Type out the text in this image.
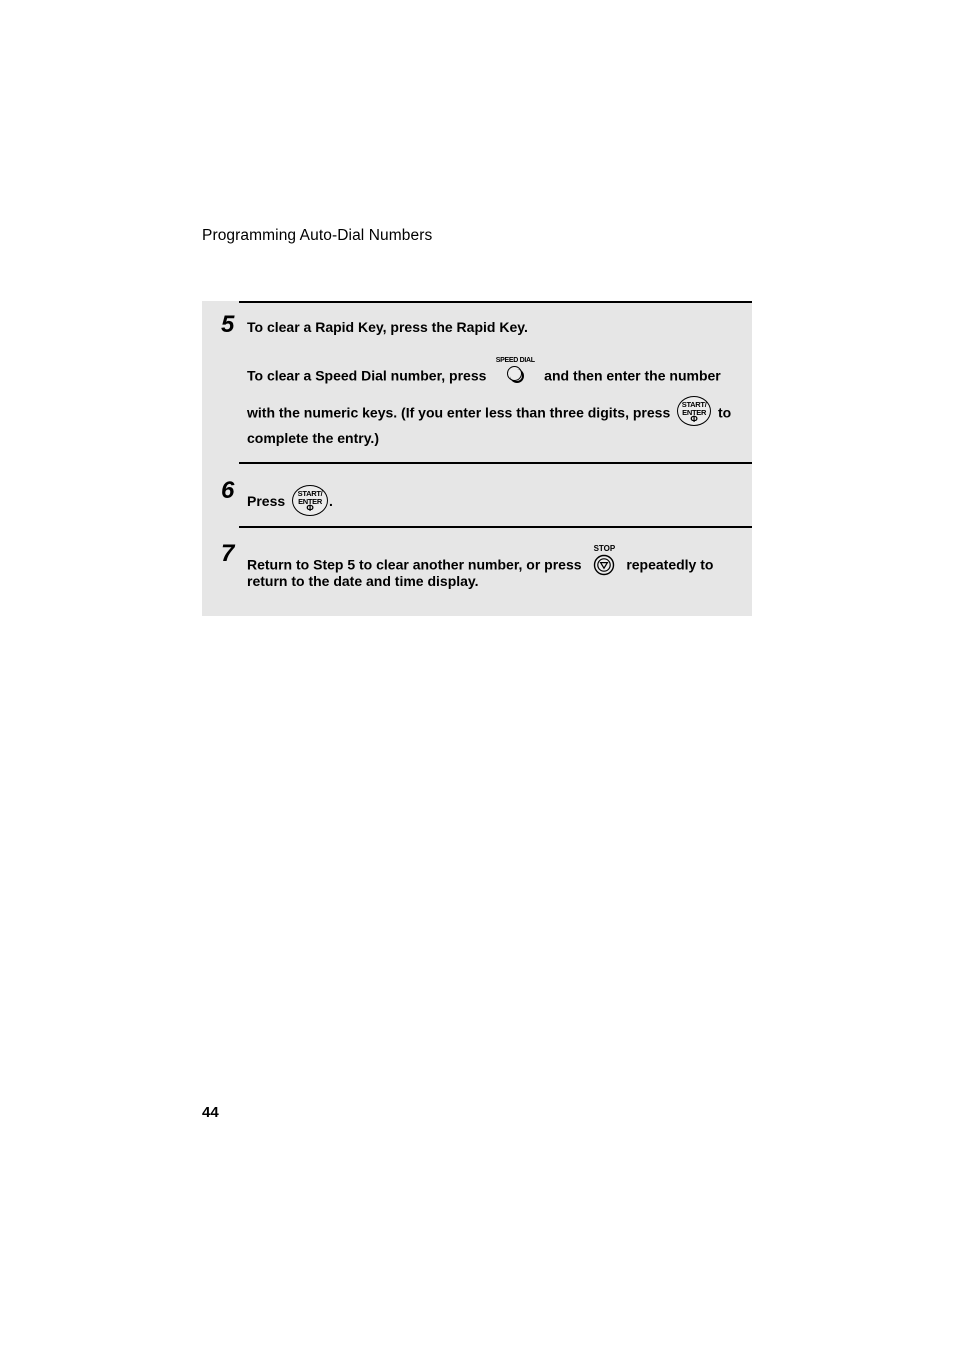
Programming Auto-Dial Numbers
5 To clear a Rapid Key, press the Rapid Key.
To clear a Speed Dial number, press
SPEED DIAL
and then enter the number
with the numeric keys. (If you enter less than three digits, press
START/
ENTER
Φ	to
complete the entry.)
6 Press	START/
ENTER
Φ	.
7 Return to Step 5 to clear another number, or press
STOP
repeatedly to
return to the date and time display.
44
